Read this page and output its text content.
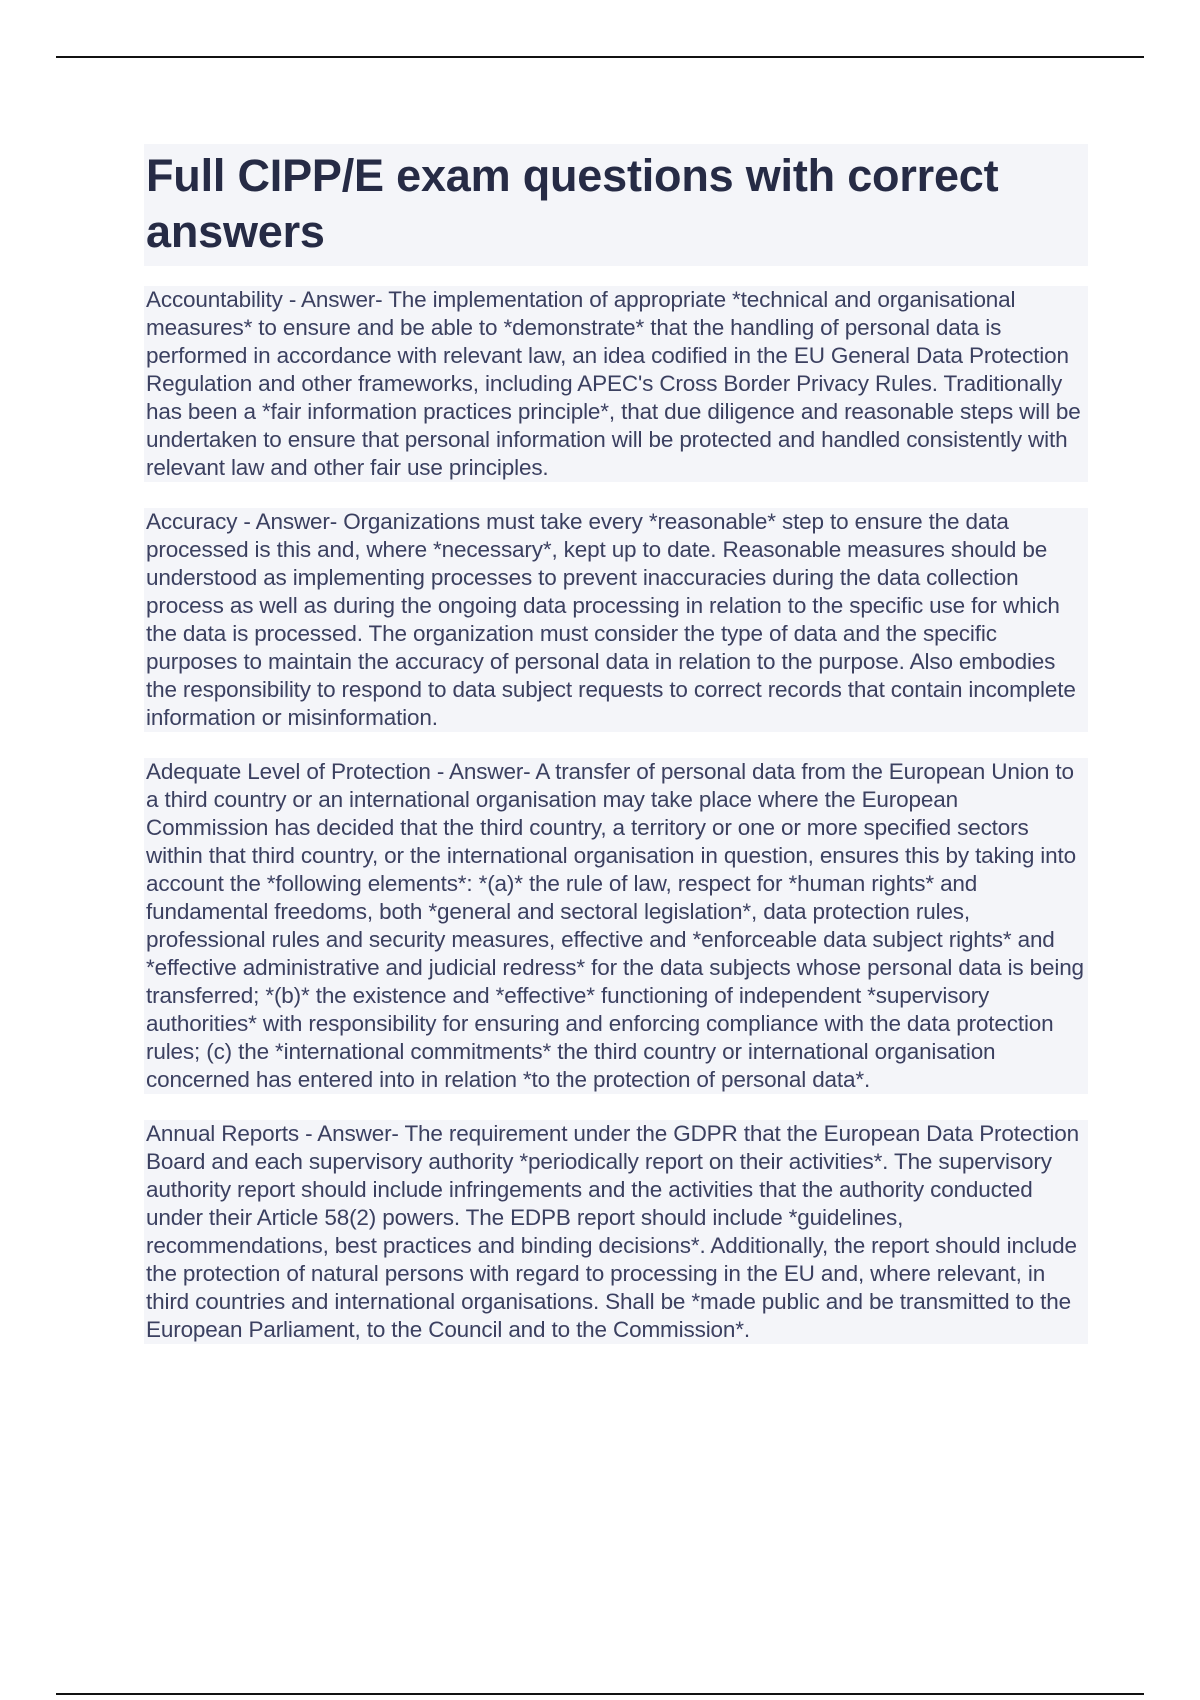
Full CIPP/E exam questions with correct answers

Accountability - Answer- The implementation of appropriate *technical and organisational measures* to ensure and be able to *demonstrate* that the handling of personal data is performed in accordance with relevant law, an idea codified in the EU General Data Protection Regulation and other frameworks, including APEC's Cross Border Privacy Rules. Traditionally has been a *fair information practices principle*, that due diligence and reasonable steps will be undertaken to ensure that personal information will be protected and handled consistently with relevant law and other fair use principles.

Accuracy - Answer- Organizations must take every *reasonable* step to ensure the data processed is this and, where *necessary*, kept up to date. Reasonable measures should be understood as implementing processes to prevent inaccuracies during the data collection process as well as during the ongoing data processing in relation to the specific use for which the data is processed. The organization must consider the type of data and the specific purposes to maintain the accuracy of personal data in relation to the purpose. Also embodies the responsibility to respond to data subject requests to correct records that contain incomplete information or misinformation.

Adequate Level of Protection - Answer- A transfer of personal data from the European Union to a third country or an international organisation may take place where the European Commission has decided that the third country, a territory or one or more specified sectors within that third country, or the international organisation in question, ensures this by taking into account the *following elements*: *(a)* the rule of law, respect for *human rights* and fundamental freedoms, both *general and sectoral legislation*, data protection rules, professional rules and security measures, effective and *enforceable data subject rights* and *effective administrative and judicial redress* for the data subjects whose personal data is being transferred; *(b)* the existence and *effective* functioning of independent *supervisory authorities* with responsibility for ensuring and enforcing compliance with the data protection rules; (c) the *international commitments* the third country or international organisation concerned has entered into in relation *to the protection of personal data*.

Annual Reports - Answer- The requirement under the GDPR that the European Data Protection Board and each supervisory authority *periodically report on their activities*. The supervisory authority report should include infringements and the activities that the authority conducted under their Article 58(2) powers. The EDPB report should include *guidelines, recommendations, best practices and binding decisions*. Additionally, the report should include the protection of natural persons with regard to processing in the EU and, where relevant, in third countries and international organisations. Shall be *made public and be transmitted to the European Parliament, to the Council and to the Commission*.
